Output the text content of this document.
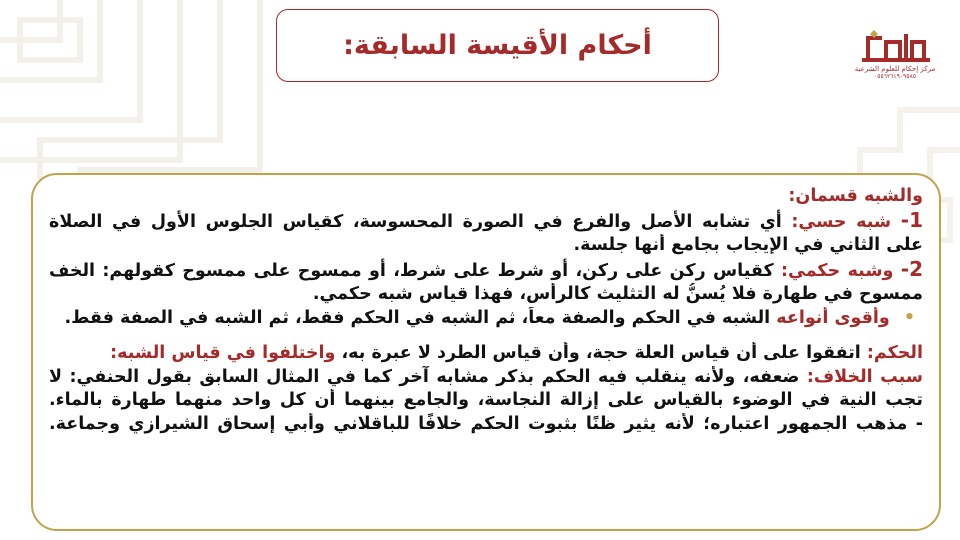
أحكام الأقيسة السابقة:
مركز إحكام للعلوم الشرعية
٠٥٥٦٢٦١٩٠٩٥٨٥
والشبه قسمان:
1- شبه حسي: أي تشابه الأصل والفرع في الصورة المحسوسة، كقياس الجلوس الأول في الصلاة
على الثاني في الإيجاب بجامع أنها جلسة.
2- وشبه حكمي: كقياس ركن على ركن، أو شرط على شرط، أو ممسوح على ممسوح كقولهم: الخف
ممسوح في طهارة فلا يُسنُّ له التثليث كالرأس، فهذا قياس شبه حكمي.
•وأقوى أنواعه الشبه في الحكم والصفة معاً، ثم الشبه في الحكم فقط، ثم الشبه في الصفة فقط.
الحكم: اتفقوا على أن قياس العلة حجة، وأن قياس الطرد لا عبرة به، واختلفوا في قياس الشبه:
سبب الخلاف: ضعفه، ولأنه ينقلب فيه الحكم بذكر مشابه آخر كما في المثال السابق بقول الحنفي: لا
تجب النية في الوضوء بالقياس على إزالة النجاسة، والجامع بينهما أن كل واحد منهما طهارة بالماء.
- مذهب الجمهور اعتباره؛ لأنه يثير ظنًا بثبوت الحكم خلافًا للباقلاني وأبي إسحاق الشيرازي وجماعة.
